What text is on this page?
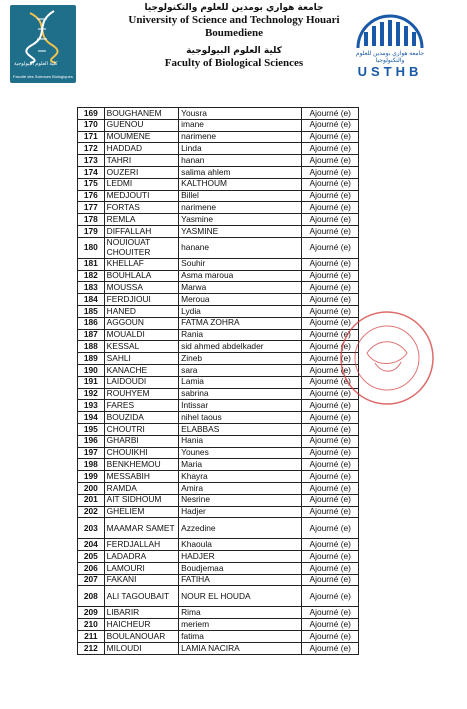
كلية العلوم البيولوجية
Faculté des Sciences Biologiques
جامعة هواري بومدين للعلوم والتكنولوجيا
University of Science and Technology Houari
Boumediene
كلية العلوم البيولوجية
Faculty of Biological Sciences
جامعة هواري بومدين للعلوم والتكنولوجيا
USTHB
169	BOUGHANEM	Yousra	Ajourné (e)
170	GUENOU	imane	Ajourné (e)
171	MOUMENE	narimene	Ajourné (e)
172	HADDAD	Linda	Ajourné (e)
173	TAHRI	hanan	Ajourné (e)
174	OUZERI	salima ahlem	Ajourné (e)
175	LEDMI	KALTHOUM	Ajourné (e)
176	MEDJOUTI	Billel	Ajourné (e)
177	FORTAS	narimene	Ajourné (e)
178	REMLA	Yasmine	Ajourné (e)
179	DIFFALLAH	YASMINE	Ajourné (e)
180	NOUIOUAT CHOUITER	hanane	Ajourné (e)
181	KHELLAF	Souhir	Ajourné (e)
182	BOUHLALA	Asma maroua	Ajourné (e)
183	MOUSSA	Marwa	Ajourné (e)
184	FERDJIOUI	Meroua	Ajourné (e)
185	HANED	Lydia	Ajourné (e)
186	AGGOUN	FATMA ZOHRA	Ajourné (e)
187	MOUALDI	Rania	Ajourné (e)
188	KESSAL	sid ahmed abdelkader	Ajourné (e)
189	SAHLI	Zineb	Ajourné (e)
190	KANACHE	sara	Ajourné (e)
191	LAIDOUDI	Lamia	Ajourné (e)
192	ROUHYEM	sabrina	Ajourné (e)
193	FARES	Intissar	Ajourné (e)
194	BOUZIDA	nihel taous	Ajourné (e)
195	CHOUTRI	ELABBAS	Ajourné (e)
196	GHARBI	Hania	Ajourné (e)
197	CHOUIKHI	Younes	Ajourné (e)
198	BENKHEMOU	Maria	Ajourné (e)
199	MESSABIH	Khayra	Ajourné (e)
200	RAMDA	Amira	Ajourné (e)
201	AIT SIDHOUM	Nesrine	Ajourné (e)
202	GHELIEM	Hadjer	Ajourné (e)
203	MAAMAR SAMET	Azzedine	Ajourné (e)
204	FERDJALLAH	Khaoula	Ajourné (e)
205	LADADRA	HADJER	Ajourné (e)
206	LAMOURI	Boudjemaa	Ajourné (e)
207	FAKANI	FATIHA	Ajourné (e)
208	ALI TAGOUBAIT	NOUR EL HOUDA	Ajourné (e)
209	LIBARIR	Rima	Ajourné (e)
210	HAICHEUR	meriem	Ajourné (e)
211	BOULANOUAR	fatima	Ajourné (e)
212	MILOUDI	LAMIA NACIRA	Ajourné (e)
